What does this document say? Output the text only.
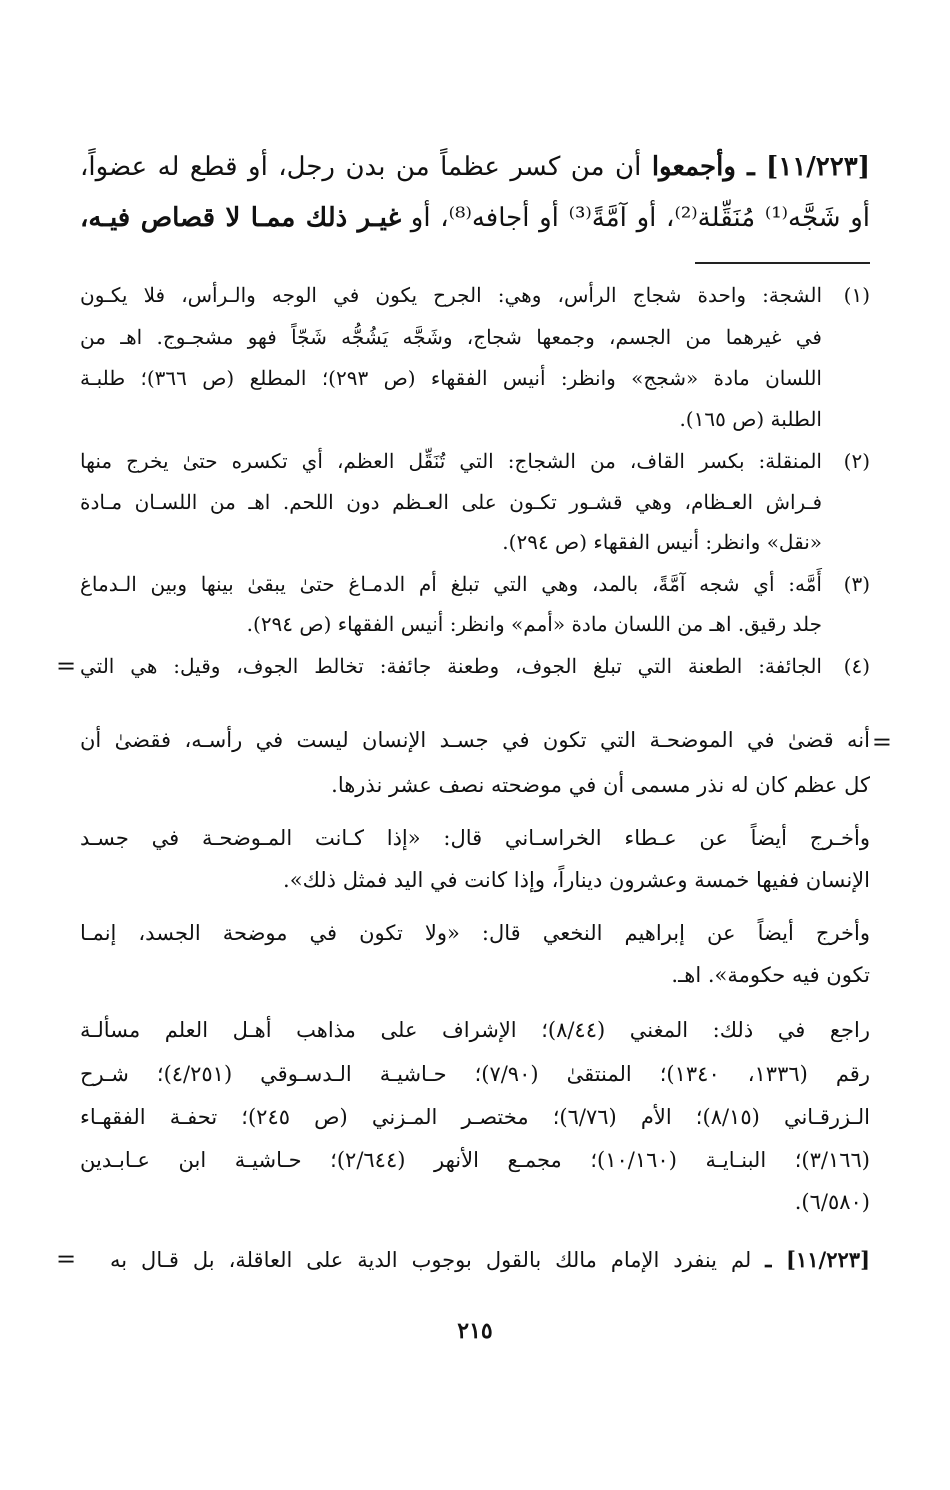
[١١/٢٢٣] ـ وأجمعوا أن من كسر عظماً من بدن رجل، أو قطع له عضواً،
أو شَجَّه⁽¹⁾ مُنَقِّلة⁽²⁾، أو آمَّةً⁽³⁾ أو أجافه⁽⁸⁾، أو غيـر ذلك ممـا لا قصاص فيـه،
(١)
الشجة: واحدة شجاج الرأس، وهي: الجرح يكون في الوجه والـرأس، فلا يكـون
في غيرهما من الجسم، وجمعها شجاج، وشَجَّه يَشُجُّه شَجّاً فهو مشجـوج. اهـ من
اللسان مادة «شجج» وانظر: أنيس الفقهاء (ص ٢٩٣)؛ المطلع (ص ٣٦٦)؛ طلبـة
الطلبة (ص ١٦٥).
(٢)
المنقلة: بكسر القاف، من الشجاج: التي تُنَقِّل العظم، أي تكسره حتىٰ يخرج منها
فـراش العـظام، وهي قشـور تكـون على العـظم دون اللحم. اهـ من اللسـان مـادة
«نقل» وانظر: أنيس الفقهاء (ص ٢٩٤).
(٣)
أَمَّه: أي شجه آمَّةً، بالمد، وهي التي تبلغ أم الدمـاغ حتىٰ يبقىٰ بينها وبين الـدماغ
جلد رقيق. اهـ من اللسان مادة «أمم» وانظر: أنيس الفقهاء (ص ٢٩٤).
(٤)
الجائفة: الطعنة التي تبلغ الجوف، وطعنة جائفة: تخالط الجوف، وقيل: هي التي
=
=
أنه قضىٰ في الموضحـة التي تكون في جسـد الإنسان ليست في رأسـه، فقضىٰ أن
كل عظم كان له نذر مسمى أن في موضحته نصف عشر نذرها.
وأخـرج أيضاً عن عـطاء الخراسـاني قال: «إذا كـانت المـوضحـة في جسـد
الإنسان ففيها خمسة وعشرون ديناراً، وإذا كانت في اليد فمثل ذلك».
وأخرج أيضاً عن إبراهيم النخعي قال: «ولا تكون في موضحة الجسد، إنمـا
تكون فيه حكومة». اهـ.
راجع في ذلك: المغني (٨/٤٤)؛ الإشراف على مذاهب أهـل العلم مسألـة
رقم (١٣٣٦، ١٣٤٠)؛ المنتقىٰ (٧/٩٠)؛ حـاشيـة الـدسـوقي (٤/٢٥١)؛ شـرح
الـزرقـاني (٨/١٥)؛ الأم (٦/٧٦)؛ مختصـر المـزني (ص ٢٤٥)؛ تحفـة الفقهـاء
(٣/١٦٦)؛ البنـايـة (١٠/١٦٠)؛ مجمـع الأنهر (٢/٦٤٤)؛ حـاشيـة ابن عـابـدين
(٦/٥٨٠).
[١١/٢٢٣] ـ لم ينفرد الإمام مالك بالقول بوجوب الدية على العاقلة، بل قـال به
=
٢١٥
